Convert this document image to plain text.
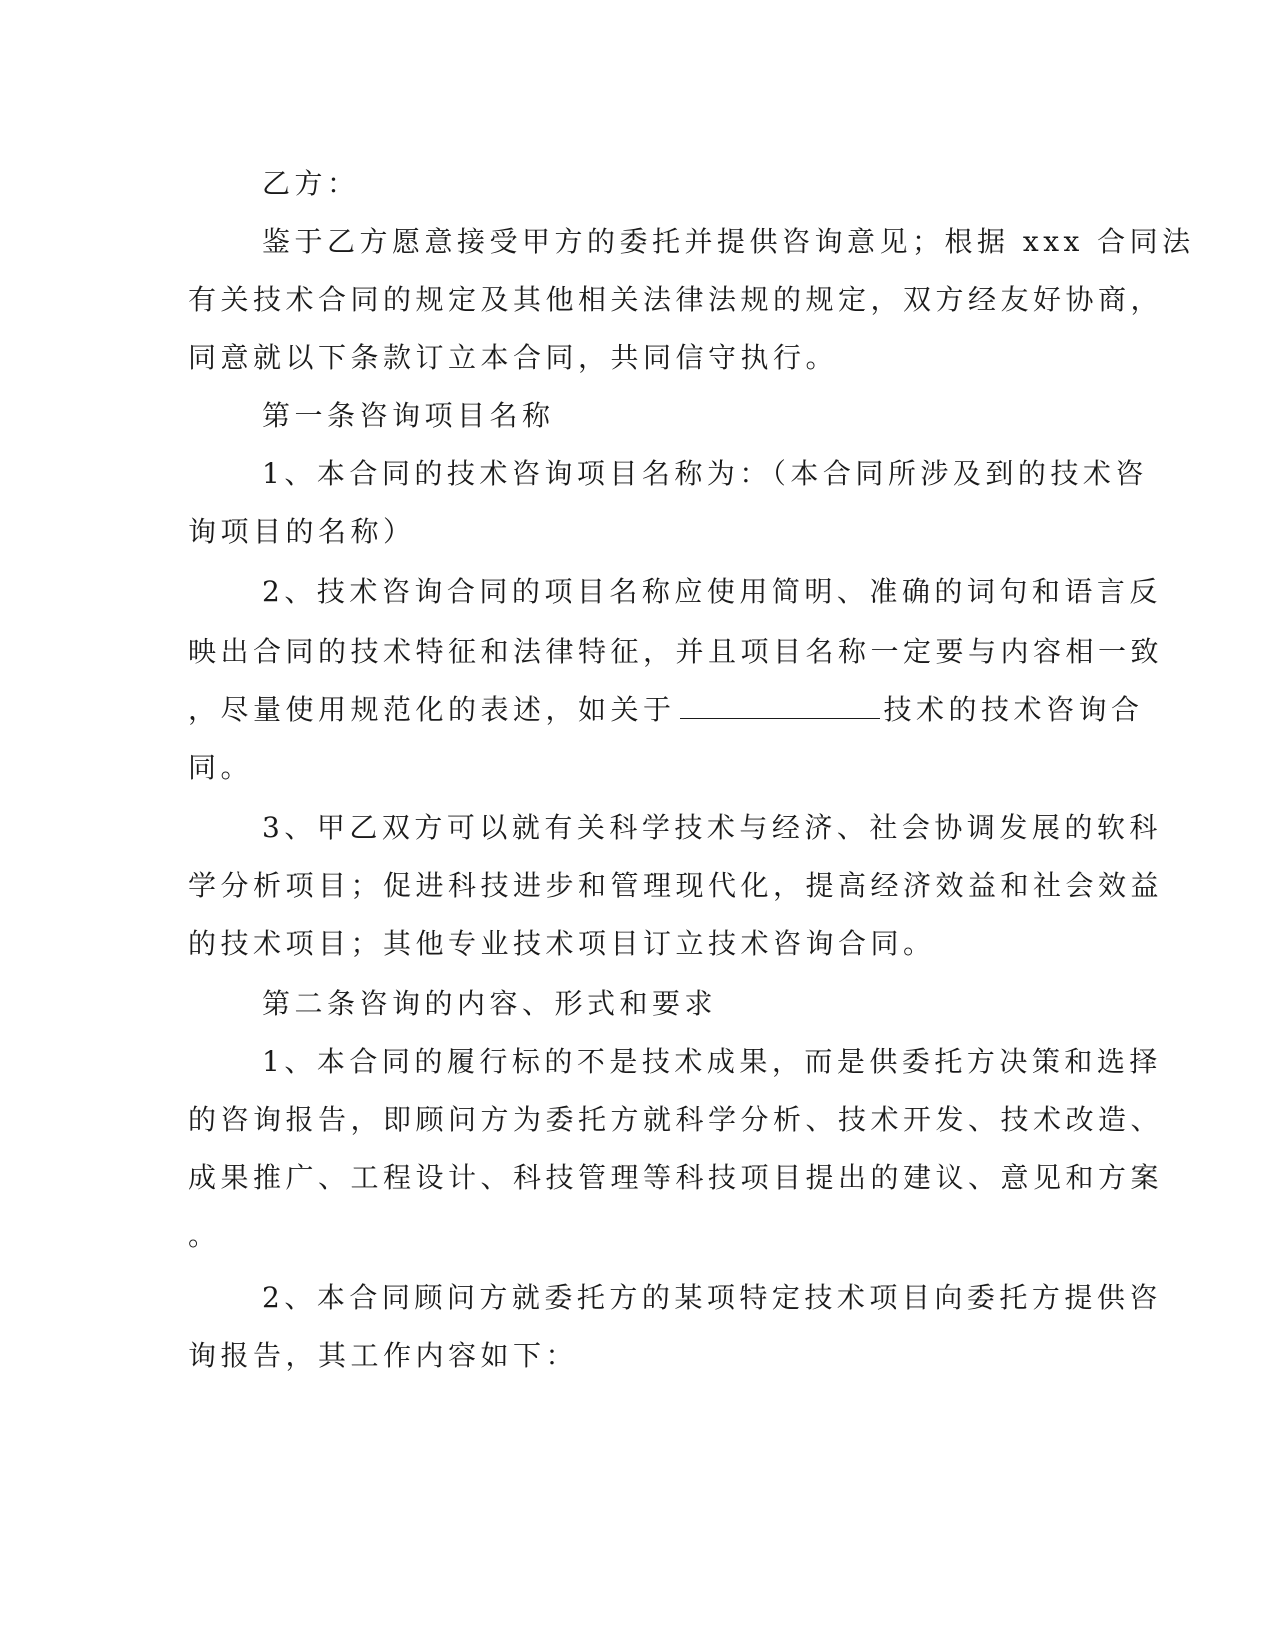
乙方：
鉴于乙方愿意接受甲方的委托并提供咨询意见；根据 xxx 合同法
有关技术合同的规定及其他相关法律法规的规定，双方经友好协商，
同意就以下条款订立本合同，共同信守执行。
第一条咨询项目名称
1、本合同的技术咨询项目名称为：（本合同所涉及到的技术咨
询项目的名称）
2、技术咨询合同的项目名称应使用简明、准确的词句和语言反
映出合同的技术特征和法律特征，并且项目名称一定要与内容相一致
，尽量使用规范化的表述，如关于	技术的技术咨询合
同。
3、甲乙双方可以就有关科学技术与经济、社会协调发展的软科
学分析项目；促进科技进步和管理现代化，提高经济效益和社会效益
的技术项目；其他专业技术项目订立技术咨询合同。
第二条咨询的内容、形式和要求
1、本合同的履行标的不是技术成果，而是供委托方决策和选择
的咨询报告，即顾问方为委托方就科学分析、技术开发、技术改造、
成果推广、工程设计、科技管理等科技项目提出的建议、意见和方案
。
2、本合同顾问方就委托方的某项特定技术项目向委托方提供咨
询报告，其工作内容如下：
